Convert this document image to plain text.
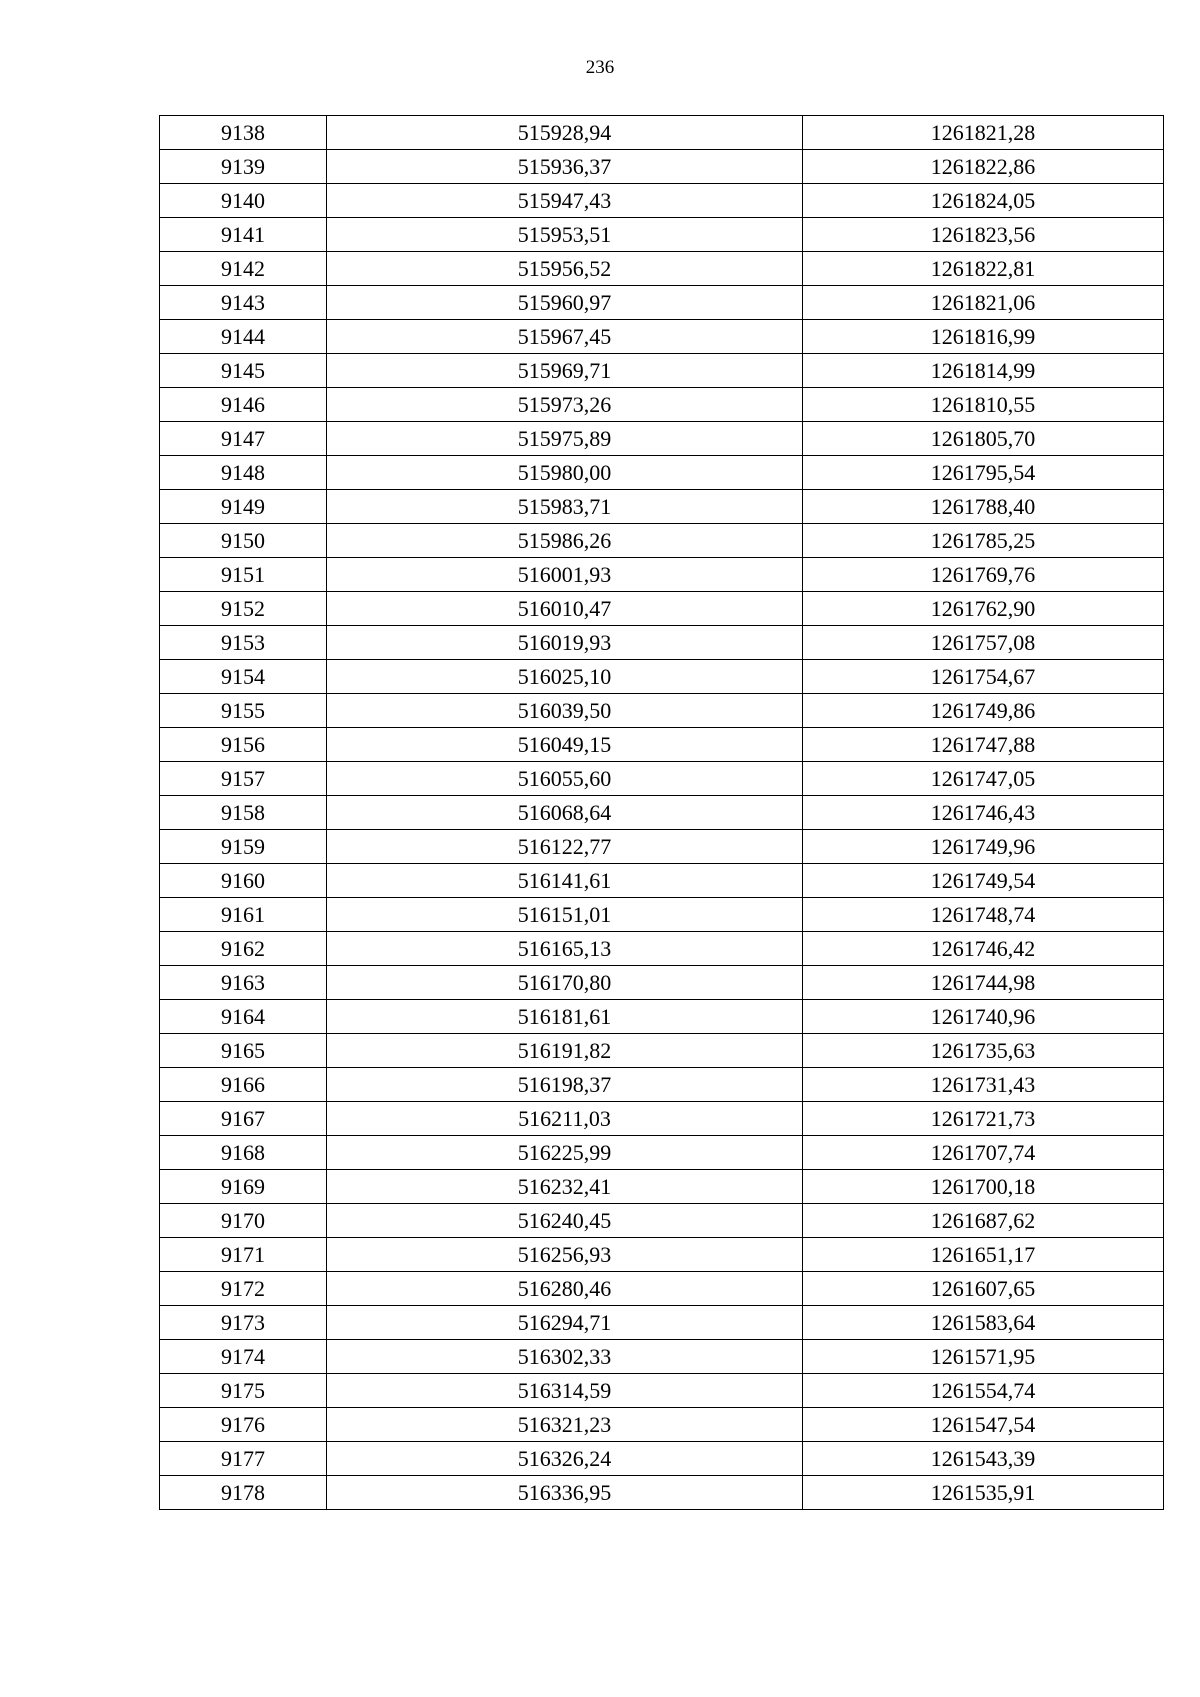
236
9138	515928,94	1261821,28
9139	515936,37	1261822,86
9140	515947,43	1261824,05
9141	515953,51	1261823,56
9142	515956,52	1261822,81
9143	515960,97	1261821,06
9144	515967,45	1261816,99
9145	515969,71	1261814,99
9146	515973,26	1261810,55
9147	515975,89	1261805,70
9148	515980,00	1261795,54
9149	515983,71	1261788,40
9150	515986,26	1261785,25
9151	516001,93	1261769,76
9152	516010,47	1261762,90
9153	516019,93	1261757,08
9154	516025,10	1261754,67
9155	516039,50	1261749,86
9156	516049,15	1261747,88
9157	516055,60	1261747,05
9158	516068,64	1261746,43
9159	516122,77	1261749,96
9160	516141,61	1261749,54
9161	516151,01	1261748,74
9162	516165,13	1261746,42
9163	516170,80	1261744,98
9164	516181,61	1261740,96
9165	516191,82	1261735,63
9166	516198,37	1261731,43
9167	516211,03	1261721,73
9168	516225,99	1261707,74
9169	516232,41	1261700,18
9170	516240,45	1261687,62
9171	516256,93	1261651,17
9172	516280,46	1261607,65
9173	516294,71	1261583,64
9174	516302,33	1261571,95
9175	516314,59	1261554,74
9176	516321,23	1261547,54
9177	516326,24	1261543,39
9178	516336,95	1261535,91
